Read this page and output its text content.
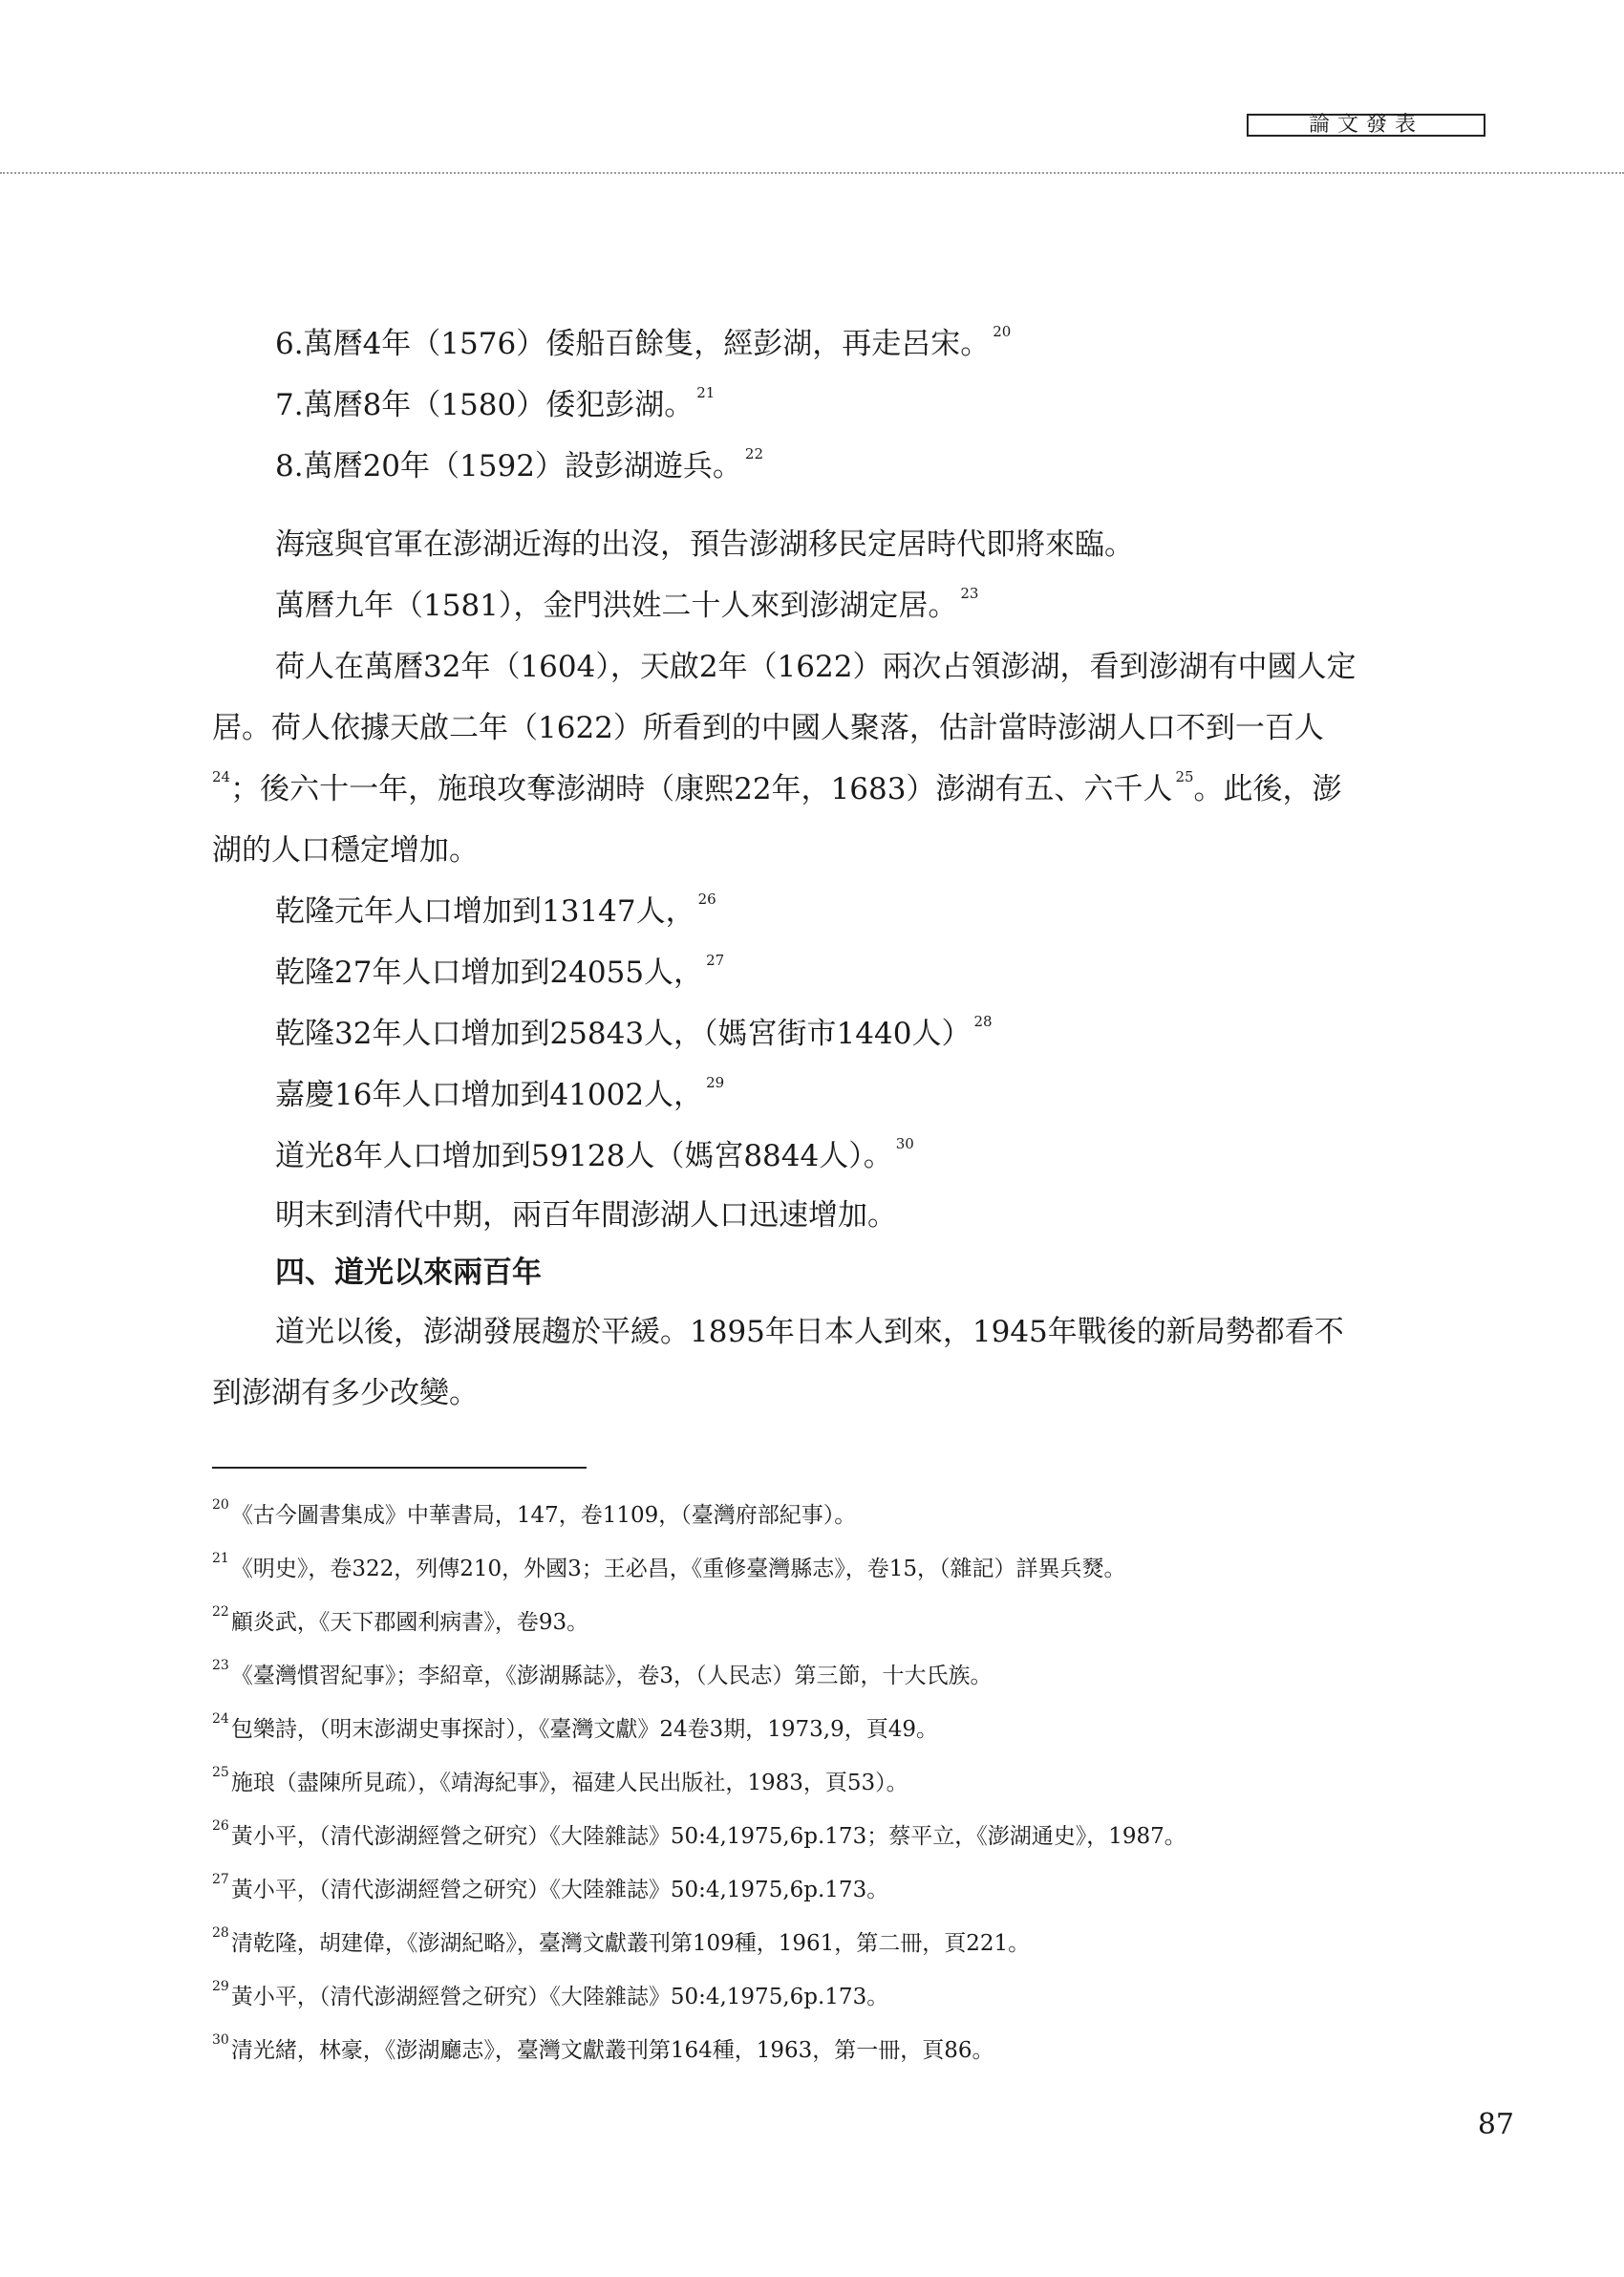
論文發表
6.萬曆4年（1576）倭船百餘隻，經彭湖，再走呂宋。 $^{20}$
7.萬曆8年（1580）倭犯彭湖。 $^{21}$
8.萬曆20年（1592）設彭湖遊兵。 $^{22}$
海寇與官軍在澎湖近海的出沒，預告澎湖移民定居時代即將來臨。
萬曆九年（1581），金門洪姓二十人來到澎湖定居。 $^{23}$
荷人在萬曆32年（1604），天啟2年（1622）兩次占領澎湖，看到澎湖有中國人定
居。荷人依據天啟二年（1622）所看到的中國人聚落，估計當時澎湖人口不到一百人
$^{24}$；後六十一年，施琅攻奪澎湖時（康熙22年，1683）澎湖有五、六千人 $^{25}$。此後，澎
湖的人口穩定增加。
乾隆元年人口增加到13147人， $^{26}$
乾隆27年人口增加到24055人， $^{27}$
乾隆32年人口增加到25843人，（媽宮街市1440人） $^{28}$
嘉慶16年人口增加到41002人， $^{29}$
道光8年人口增加到59128人（媽宮8844人）。 $^{30}$
明末到清代中期，兩百年間澎湖人口迅速增加。
四、道光以來兩百年
道光以後，澎湖發展趨於平緩。1895年日本人到來，1945年戰後的新局勢都看不
到澎湖有多少改變。
$^{20}$《古今圖書集成》中華書局，147，卷1109，（臺灣府部紀事）。
$^{21}$《明史》，卷322，列傳210，外國3；王必昌，《重修臺灣縣志》，卷15，（雜記）詳異兵燹。
$^{22}$顧炎武，《天下郡國利病書》，卷93。
$^{23}$《臺灣慣習紀事》；李紹章，《澎湖縣誌》，卷3，（人民志）第三節，十大氏族。
$^{24}$包樂詩，（明末澎湖史事探討），《臺灣文獻》24卷3期，1973,9，頁49。
$^{25}$施琅（盡陳所見疏），《靖海紀事》，福建人民出版社，1983，頁53）。
$^{26}$黃小平，（清代澎湖經營之研究）《大陸雜誌》50:4,1975,6p.173；蔡平立，《澎湖通史》，1987。
$^{27}$黃小平，（清代澎湖經營之研究）《大陸雜誌》50:4,1975,6p.173。
$^{28}$清乾隆，胡建偉，《澎湖紀略》，臺灣文獻叢刊第109種，1961，第二冊，頁221。
$^{29}$黃小平，（清代澎湖經營之研究）《大陸雜誌》50:4,1975,6p.173。
$^{30}$清光緒，林豪，《澎湖廳志》，臺灣文獻叢刊第164種，1963，第一冊，頁86。
87
